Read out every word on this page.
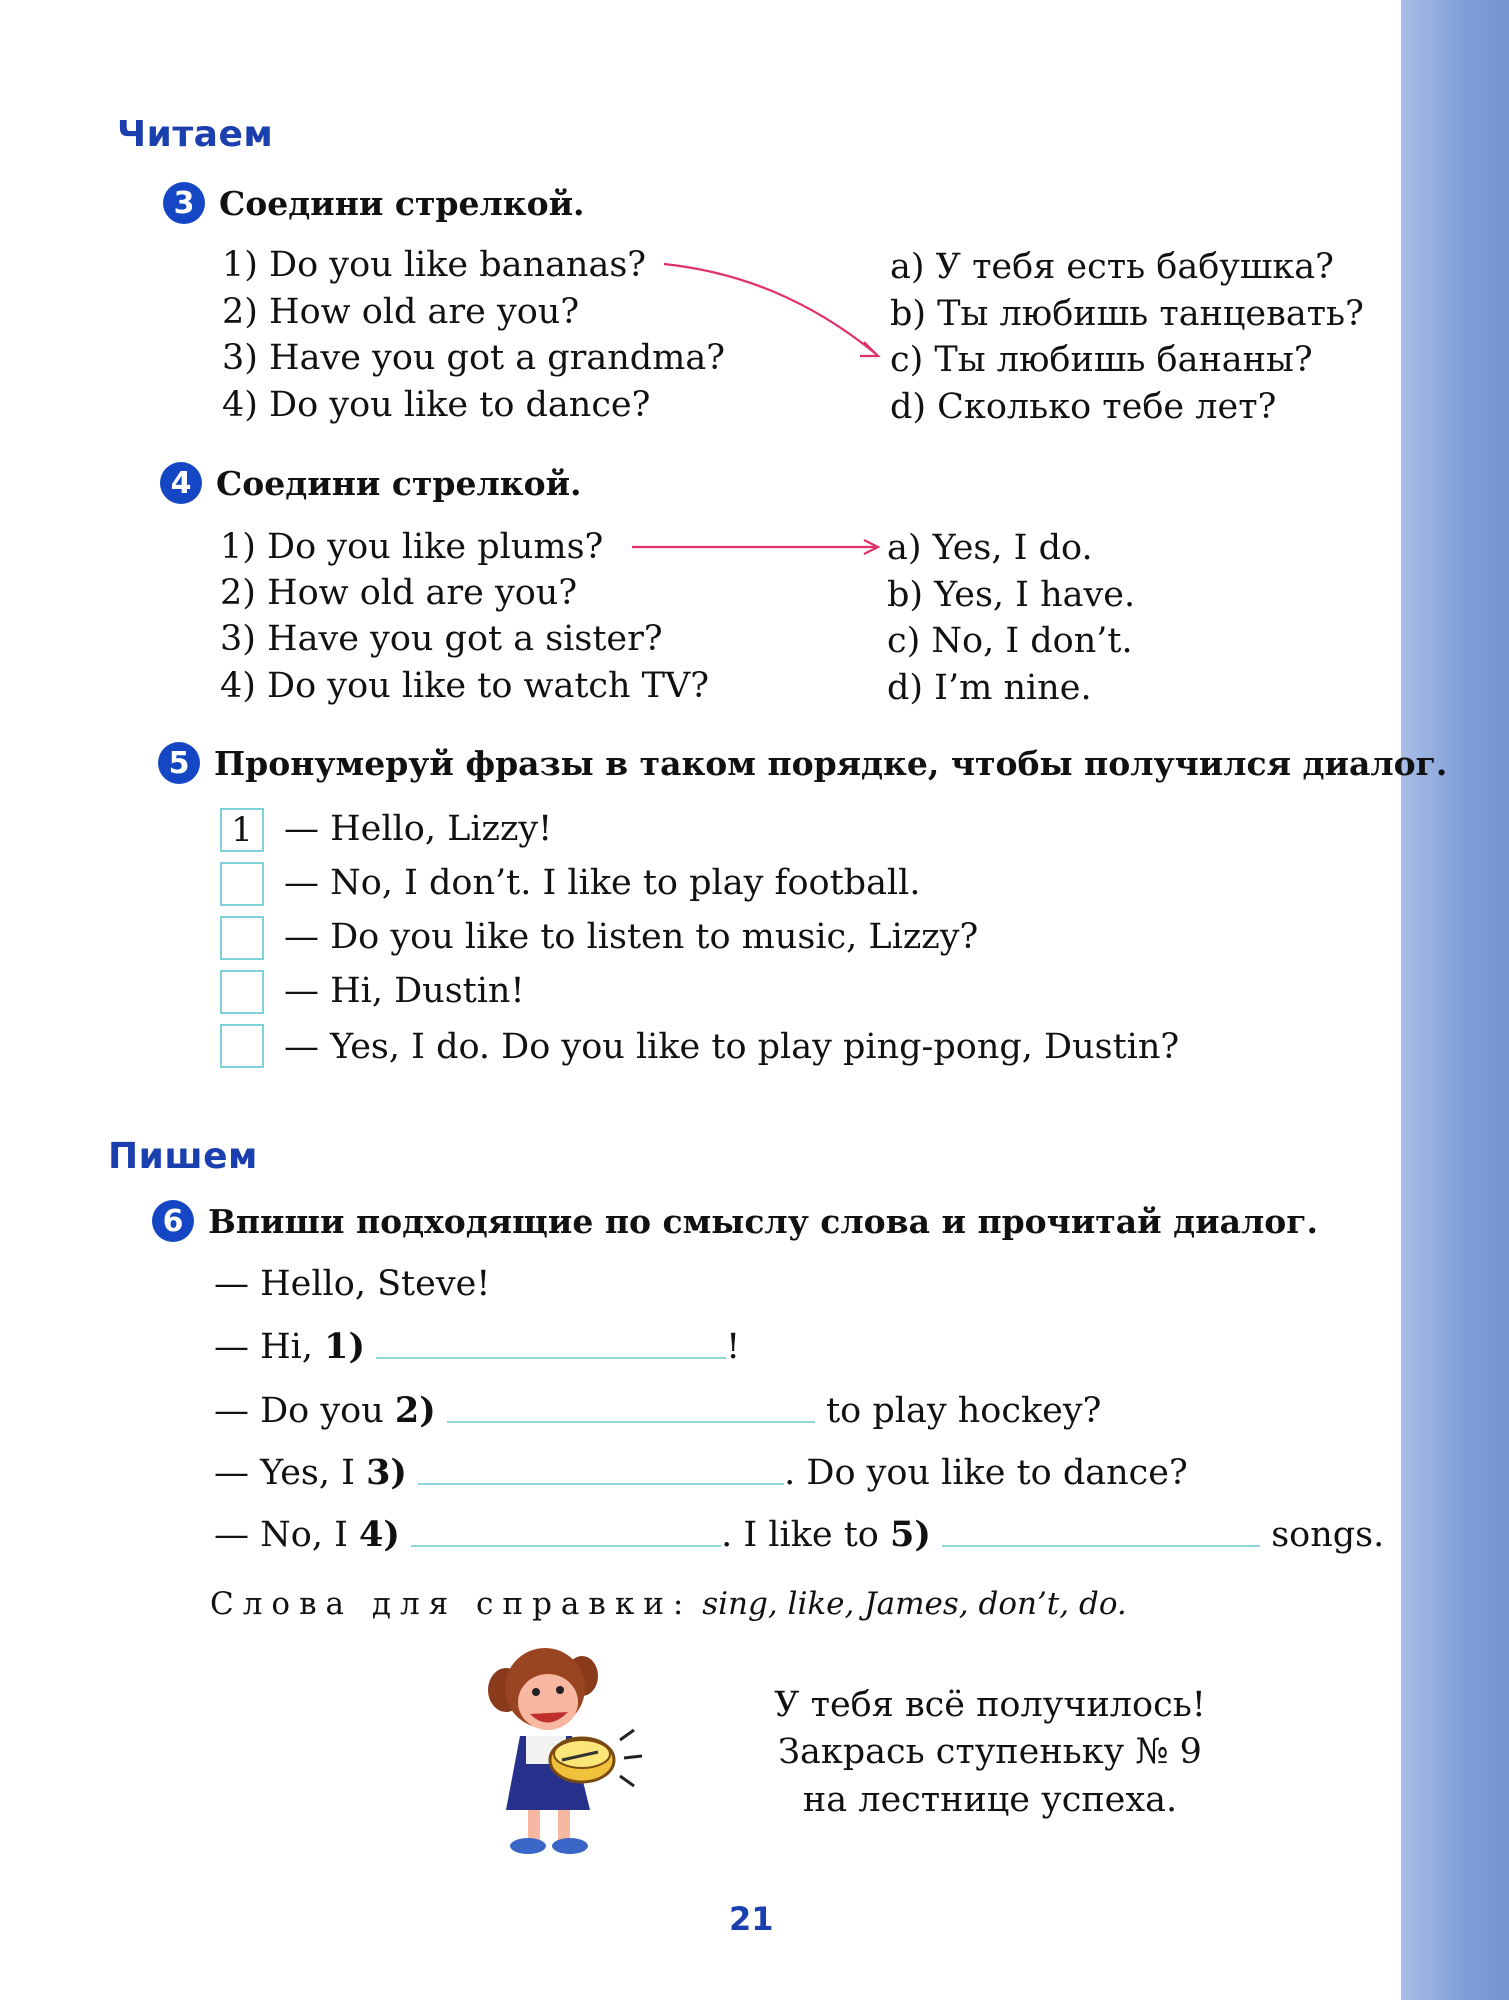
Читаем
3 Соедини стрелкой.
1) Do you like bananas?
2) How old are you?
3) Have you got a grandma?
4) Do you like to dance?
a) У тебя есть бабушка?
b) Ты любишь танцевать?
c) Ты любишь бананы?
d) Сколько тебе лет?
4 Соедини стрелкой.
1) Do you like plums?
2) How old are you?
3) Have you got a sister?
4) Do you like to watch TV?
a) Yes, I do.
b) Yes, I have.
c) No, I don’t.
d) I’m nine.
5 Пронумеруй фразы в таком порядке, чтобы получился диалог.
1 — Hello, Lizzy!
— No, I don’t. I like to play football.
— Do you like to listen to music, Lizzy?
— Hi, Dustin!
— Yes, I do. Do you like to play ping-pong, Dustin?
Пишем
6 Впиши подходящие по смыслу слова и прочитай диалог.
— Hello, Steve!
— Hi, 1)	!
— Do you 2)	to play hockey?
— Yes, I 3)	. Do you like to dance?
— No, I 4)	. I like to 5)	songs.
Слова для справки: sing, like, James, don’t, do.
У тебя всё получилось!
Закрась ступеньку № 9
на лестнице успеха.
21
